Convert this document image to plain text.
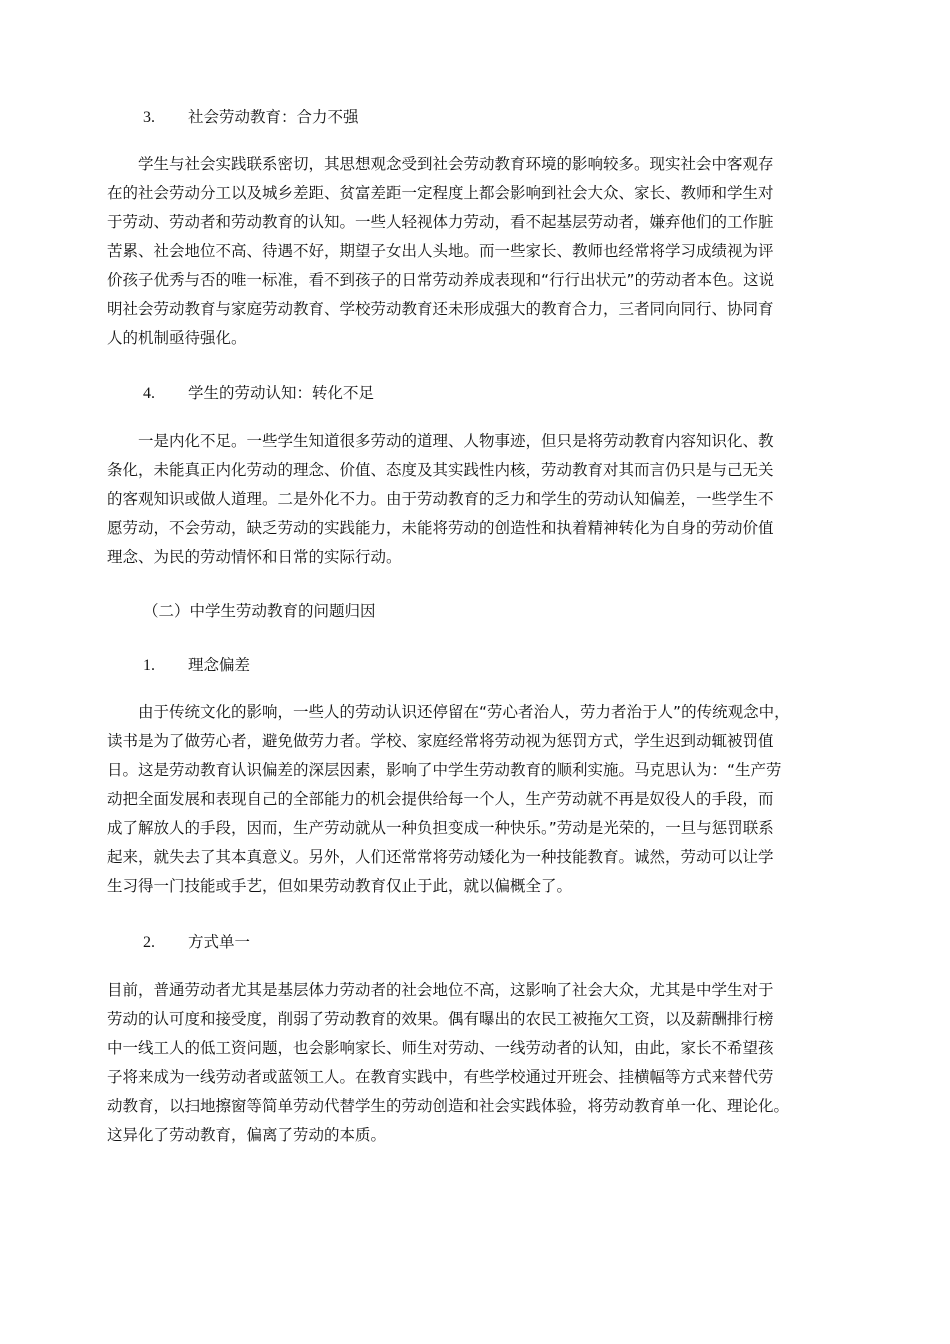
3. 社会劳动教育：合力不强
　　学生与社会实践联系密切，其思想观念受到社会劳动教育环境的影响较多。现实社会中客观存
在的社会劳动分工以及城乡差距、贫富差距一定程度上都会影响到社会大众、家长、教师和学生对
于劳动、劳动者和劳动教育的认知。一些人轻视体力劳动，看不起基层劳动者，嫌弃他们的工作脏
苦累、社会地位不高、待遇不好，期望子女出人头地。而一些家长、教师也经常将学习成绩视为评
价孩子优秀与否的唯一标准，看不到孩子的日常劳动养成表现和“行行出状元”的劳动者本色。这说
明社会劳动教育与家庭劳动教育、学校劳动教育还未形成强大的教育合力，三者同向同行、协同育
人的机制亟待强化。
4. 学生的劳动认知：转化不足
　　一是内化不足。一些学生知道很多劳动的道理、人物事迹，但只是将劳动教育内容知识化、教
条化，未能真正内化劳动的理念、价值、态度及其实践性内核，劳动教育对其而言仍只是与己无关
的客观知识或做人道理。二是外化不力。由于劳动教育的乏力和学生的劳动认知偏差，一些学生不
愿劳动，不会劳动，缺乏劳动的实践能力，未能将劳动的创造性和执着精神转化为自身的劳动价值
理念、为民的劳动情怀和日常的实际行动。
（二）中学生劳动教育的问题归因
1. 理念偏差
　　由于传统文化的影响，一些人的劳动认识还停留在“劳心者治人，劳力者治于人”的传统观念中，
读书是为了做劳心者，避免做劳力者。学校、家庭经常将劳动视为惩罚方式，学生迟到动辄被罚值
日。这是劳动教育认识偏差的深层因素，影响了中学生劳动教育的顺利实施。马克思认为：“生产劳
动把全面发展和表现自己的全部能力的机会提供给每一个人，生产劳动就不再是奴役人的手段，而
成了解放人的手段，因而，生产劳动就从一种负担变成一种快乐。”劳动是光荣的，一旦与惩罚联系
起来，就失去了其本真意义。另外，人们还常常将劳动矮化为一种技能教育。诚然，劳动可以让学
生习得一门技能或手艺，但如果劳动教育仅止于此，就以偏概全了。
2. 方式单一
目前，普通劳动者尤其是基层体力劳动者的社会地位不高，这影响了社会大众，尤其是中学生对于
劳动的认可度和接受度，削弱了劳动教育的效果。偶有曝出的农民工被拖欠工资，以及薪酬排行榜
中一线工人的低工资问题，也会影响家长、师生对劳动、一线劳动者的认知，由此，家长不希望孩
子将来成为一线劳动者或蓝领工人。在教育实践中，有些学校通过开班会、挂横幅等方式来替代劳
动教育，以扫地擦窗等简单劳动代替学生的劳动创造和社会实践体验，将劳动教育单一化、理论化。
这异化了劳动教育，偏离了劳动的本质。
